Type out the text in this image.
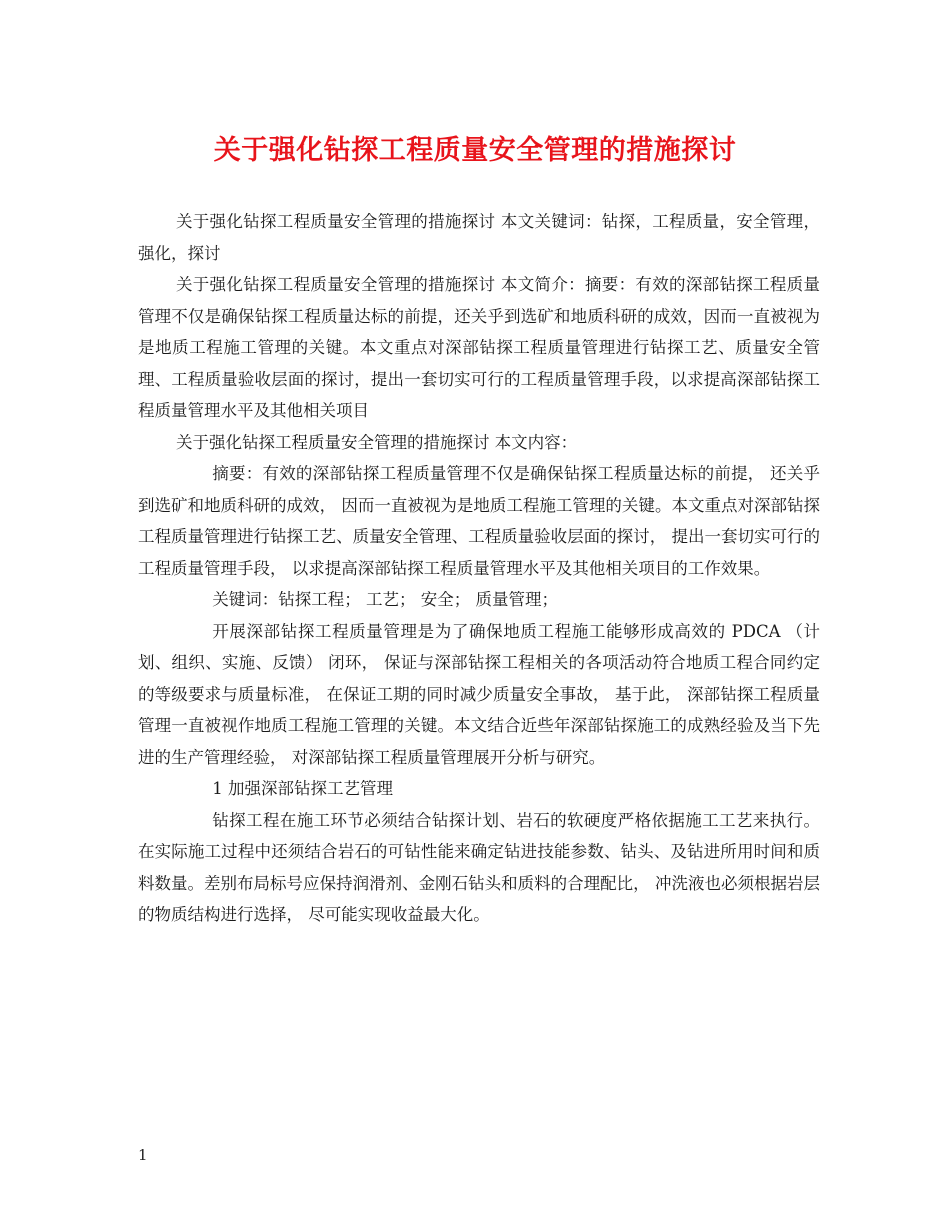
关于强化钻探工程质量安全管理的措施探讨

关于强化钻探工程质量安全管理的措施探讨 本文关键词：钻探，工程质量，安全管理，强化，探讨

关于强化钻探工程质量安全管理的措施探讨 本文简介：摘要：有效的深部钻探工程质量管理不仅是确保钻探工程质量达标的前提，还关乎到选矿和地质科研的成效，因而一直被视为是地质工程施工管理的关键。本文重点对深部钻探工程质量管理进行钻探工艺、质量安全管理、工程质量验收层面的探讨，提出一套切实可行的工程质量管理手段，以求提高深部钻探工程质量管理水平及其他相关项目

关于强化钻探工程质量安全管理的措施探讨 本文内容：

摘要：有效的深部钻探工程质量管理不仅是确保钻探工程质量达标的前提， 还关乎到选矿和地质科研的成效， 因而一直被视为是地质工程施工管理的关键。本文重点对深部钻探工程质量管理进行钻探工艺、质量安全管理、工程质量验收层面的探讨， 提出一套切实可行的工程质量管理手段， 以求提高深部钻探工程质量管理水平及其他相关项目的工作效果。

关键词：钻探工程； 工艺； 安全； 质量管理；

开展深部钻探工程质量管理是为了确保地质工程施工能够形成高效的 PDCA （计划、组织、实施、反馈） 闭环， 保证与深部钻探工程相关的各项活动符合地质工程合同约定的等级要求与质量标准， 在保证工期的同时减少质量安全事故， 基于此， 深部钻探工程质量管理一直被视作地质工程施工管理的关键。本文结合近些年深部钻探施工的成熟经验及当下先进的生产管理经验， 对深部钻探工程质量管理展开分析与研究。

1 加强深部钻探工艺管理

钻探工程在施工环节必须结合钻探计划、岩石的软硬度严格依据施工工艺来执行。在实际施工过程中还须结合岩石的可钻性能来确定钻进技能参数、钻头、及钻进所用时间和质料数量。差别布局标号应保持润滑剂、金刚石钻头和质料的合理配比， 冲洗液也必须根据岩层的物质结构进行选择， 尽可能实现收益最大化。

1
